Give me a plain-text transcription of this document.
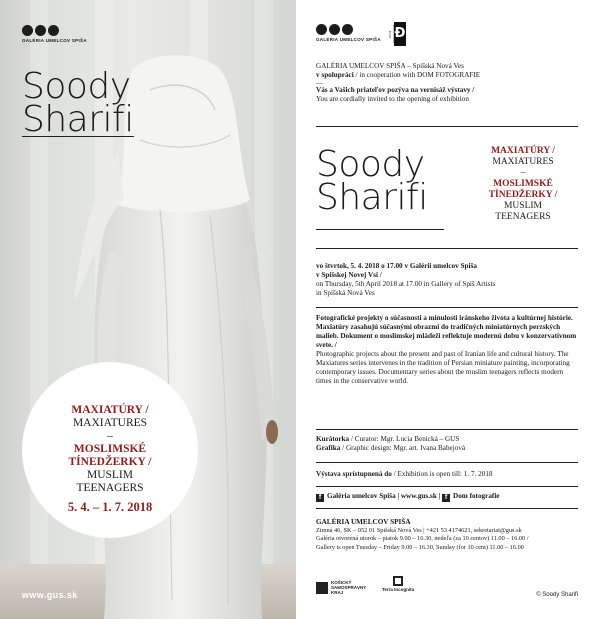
GALÉRIA UMELCOV SPIŠA
Soody
Sharifi
MAXIATÚRY /
MAXIATURES
–
MOSLIMSKÉ
TÍNEDŽERKY /
MUSLIM
TEENAGERS
5. 4. – 1. 7. 2018
www.gus.sk
GALÉRIA UMELCOV SPIŠA
DOM Ð
GALÉRIA UMELCOV SPIŠA – Spišská Nová Ves
v spolupráci / in cooperation with DOM FOTOGRAFIE
—
Vás a Vašich priateľov pozýva na vernisáž výstavy /
You are cordially invited to the opening of exhibition
Soody
Sharifi
MAXIATÚRY /
MAXIATURES
–
MOSLIMSKÉ
TÍNEDŽERKY /
MUSLIM
TEENAGERS
vo štvrtok, 5. 4. 2018 o 17.00 v Galérii umelcov Spiša
v Spišskej Novej Vsi /
on Thursday, 5th April 2018 at 17.00 in Gallery of Spiš Artists
in Spišská Nová Ves
Fotografické projekty o súčasnosti a minulosti iránskeho života a kultúrnej histórie. Maxiatúry zasahujú súčasnými obrazmi do tradičných miniatúrnych perzských malieb. Dokument o moslimskej mládeži reflektuje modernú dobu v konzervatívnom svete. /
Photographic projects about the present and past of Iranian life and cultural history. The Maxiatures series intervenes in the tradition of Persian miniature painting, incorporating contemporary issues. Documentary series about the muslim teenagers reflects modern times in the conservative world.
Kurátorka / Curator: Mgr. Lucia Benická – GUS
Grafika / Graphic design: Mgr. art. Ivana Babejová
Výstava sprístupnená do / Exhibition is open till: 1. 7. 2018
f Galéria umelcov Spiša | www.gus.sk | f Dom fotografie
GALÉRIA UMELCOV SPIŠA
Zimná 46, SK – 052 01 Spišská Nová Ves | +421 53 4174621, sekretariat@gus.sk
Galéria otvorená utorok – piatok 9.00 – 16.30, nedeľa (za 10 centov) 11.00 – 16.00 /
Gallery is open Tuesday – Friday 9.00 – 16.30, Sunday (for 10 cent) 11.00 – 16.00
KOŠICKÝ SAMOSPRÁVNY KRAJ
Terra Incognita
© Soody Sharifi
